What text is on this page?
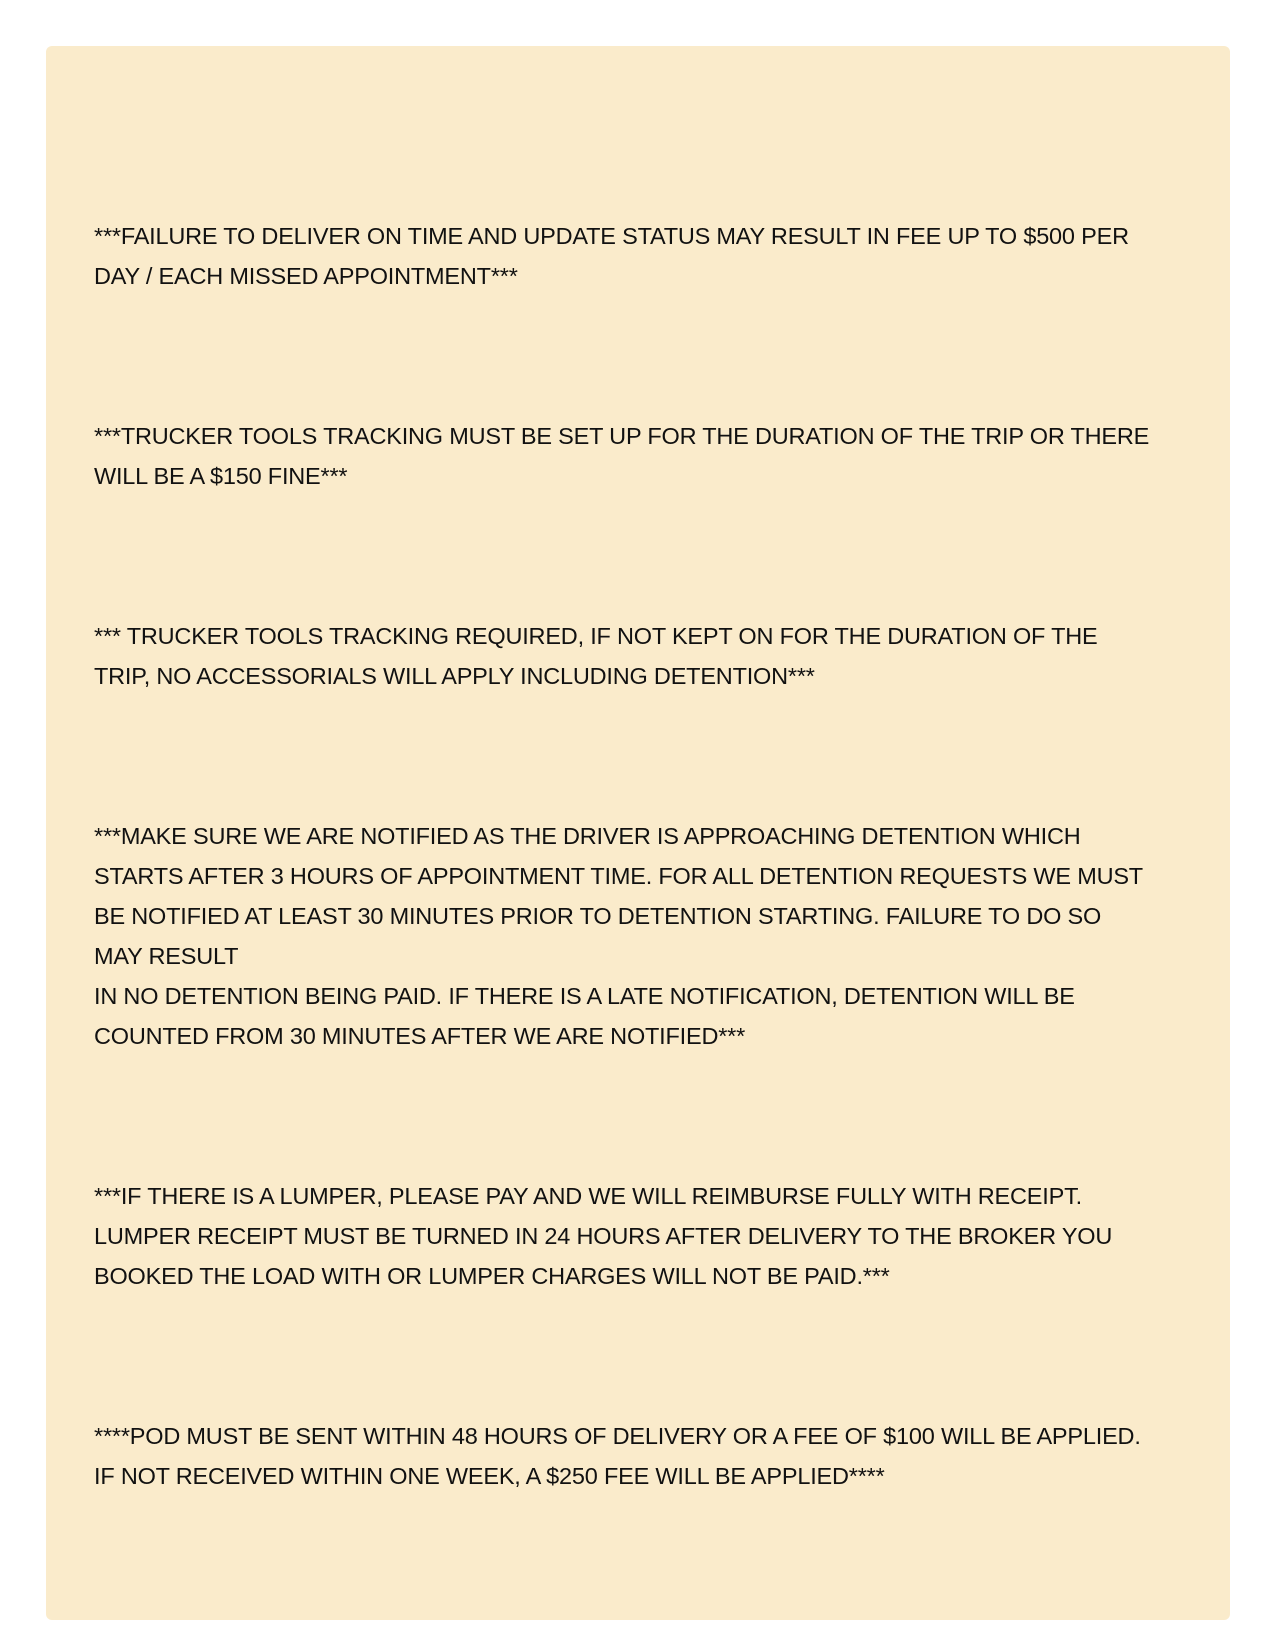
***FAILURE TO DELIVER ON TIME AND UPDATE STATUS MAY RESULT IN FEE UP TO $500 PER
DAY / EACH MISSED APPOINTMENT***

***TRUCKER TOOLS TRACKING MUST BE SET UP FOR THE DURATION OF THE TRIP OR THERE
WILL BE A $150 FINE***

*** TRUCKER TOOLS TRACKING REQUIRED, IF NOT KEPT ON FOR THE DURATION OF THE
TRIP, NO ACCESSORIALS WILL APPLY INCLUDING DETENTION***

***MAKE SURE WE ARE NOTIFIED AS THE DRIVER IS APPROACHING DETENTION WHICH
STARTS AFTER 3 HOURS OF APPOINTMENT TIME. FOR ALL DETENTION REQUESTS WE MUST
BE NOTIFIED AT LEAST 30 MINUTES PRIOR TO DETENTION STARTING. FAILURE TO DO SO
MAY RESULT
IN NO DETENTION BEING PAID. IF THERE IS A LATE NOTIFICATION, DETENTION WILL BE
COUNTED FROM 30 MINUTES AFTER WE ARE NOTIFIED***

***IF THERE IS A LUMPER, PLEASE PAY AND WE WILL REIMBURSE FULLY WITH RECEIPT.
LUMPER RECEIPT MUST BE TURNED IN 24 HOURS AFTER DELIVERY TO THE BROKER YOU
BOOKED THE LOAD WITH OR LUMPER CHARGES WILL NOT BE PAID.***

****POD MUST BE SENT WITHIN 48 HOURS OF DELIVERY OR A FEE OF $100 WILL BE APPLIED.
IF NOT RECEIVED WITHIN ONE WEEK, A $250 FEE WILL BE APPLIED****
